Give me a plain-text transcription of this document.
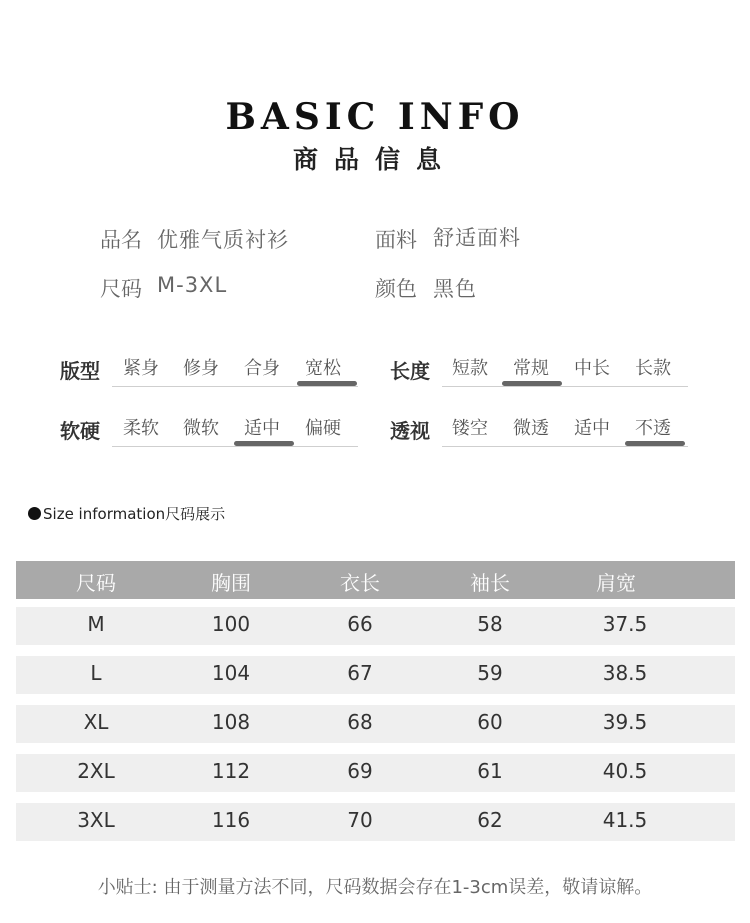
BASIC INFO
商品信息
品名 优雅气质衬衫	面料 舒适面料
尺码 M-3XL	颜色 黑色
版型 紧身 修身 合身 宽松 长度 短款 常规 中长 长款
软硬 柔软 微软 适中 偏硬 透视 镂空 微透 适中 不透
Size information尺码展示
尺码	胸围	衣长	袖长	肩宽
M	100	66	58	37.5
L	104	67	59	38.5
XL	108	68	60	39.5
2XL	112	69	61	40.5
3XL	116	70	62	41.5
小贴士: 由于测量方法不同，尺码数据会存在1-3cm误差，敬请谅解。
